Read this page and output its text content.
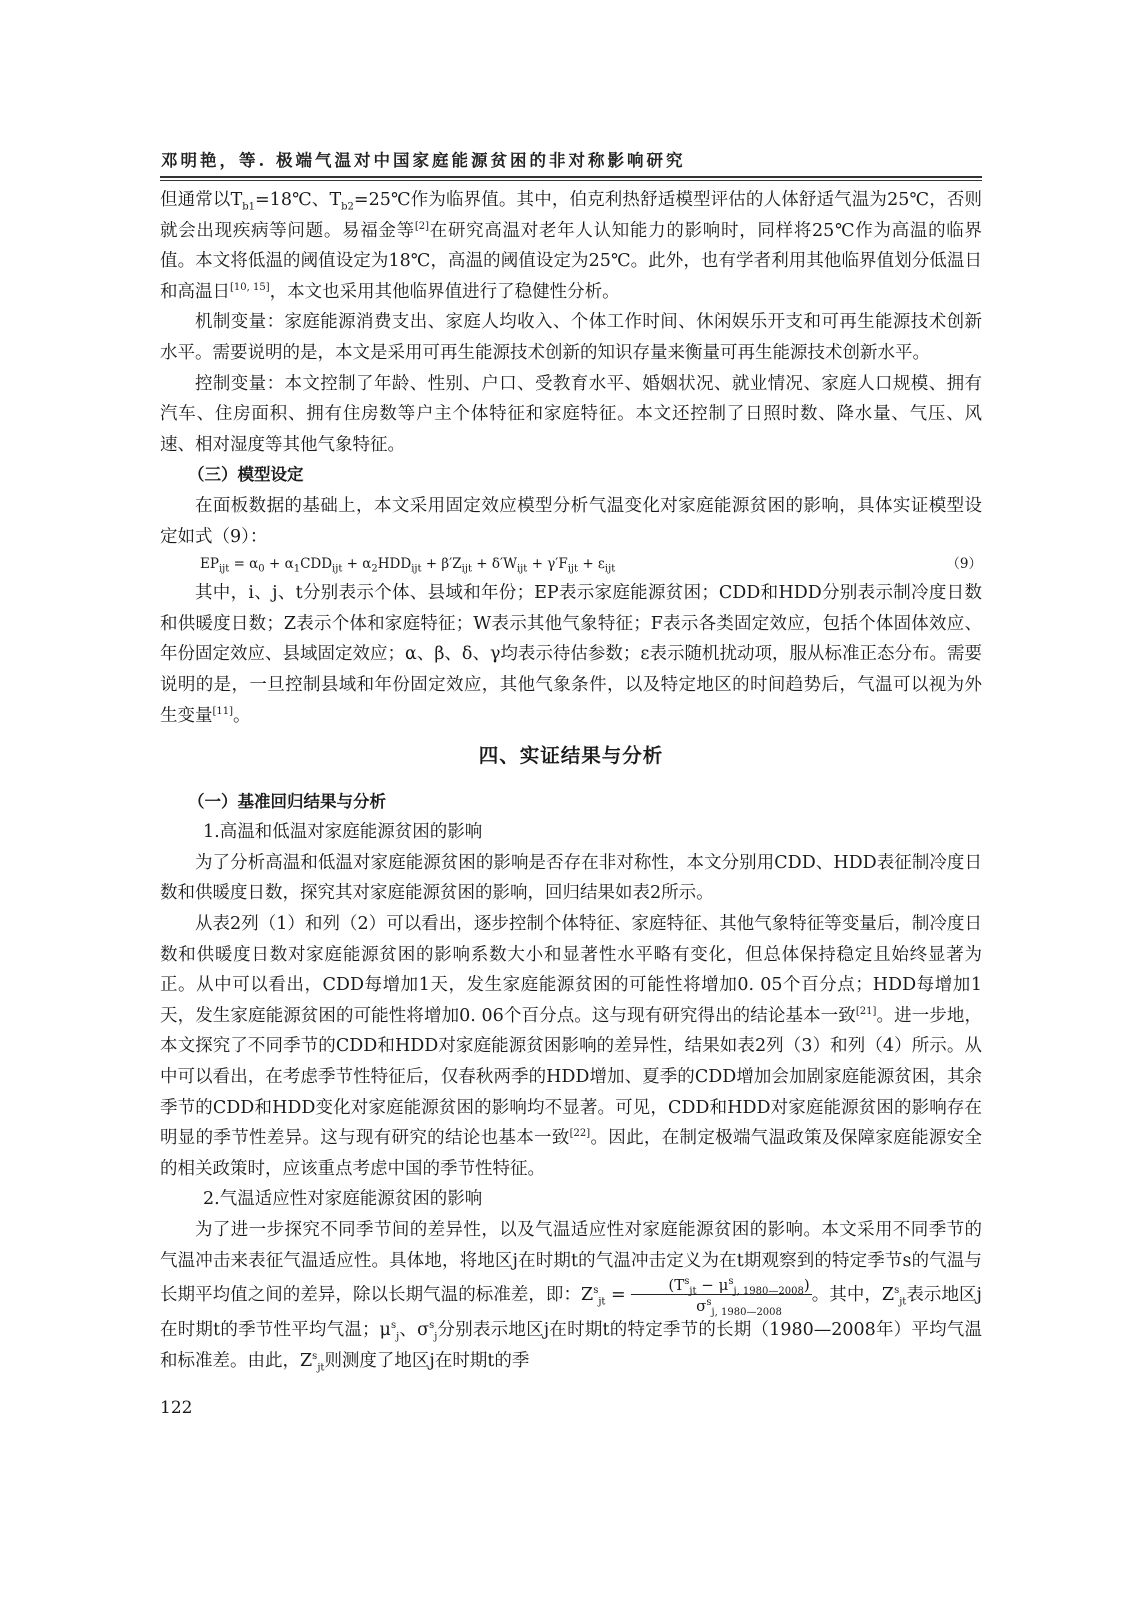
邓明艳，等. 极端气温对中国家庭能源贫困的非对称影响研究

但通常以$T_{b1}=18℃$、$T_{b2}=25℃$作为临界值。其中，伯克利热舒适模型评估的人体舒适气温为25℃，否则就会出现疾病等问题。易福金等[2]在研究高温对老年人认知能力的影响时，同样将25℃作为高温的临界值。本文将低温的阈值设定为18℃，高温的阈值设定为25℃。此外，也有学者利用其他临界值划分低温日和高温日[10, 15]，本文也采用其他临界值进行了稳健性分析。

机制变量：家庭能源消费支出、家庭人均收入、个体工作时间、休闲娱乐开支和可再生能源技术创新水平。需要说明的是，本文是采用可再生能源技术创新的知识存量来衡量可再生能源技术创新水平。

控制变量：本文控制了年龄、性别、户口、受教育水平、婚姻状况、就业情况、家庭人口规模、拥有汽车、住房面积、拥有住房数等户主个体特征和家庭特征。本文还控制了日照时数、降水量、气压、风速、相对湿度等其他气象特征。

（三）模型设定

在面板数据的基础上，本文采用固定效应模型分析气温变化对家庭能源贫困的影响，具体实证模型设定如式（9）：

$EP_{ijt} = \alpha_0 + \alpha_1CDD_{ijt} + \alpha_2HDD_{ijt} + \beta'Z_{ijt} + \delta'W_{ijt} + \gamma'F_{ijt} + \varepsilon_{ijt}$	（9）

其中，i、j、t分别表示个体、县域和年份；EP表示家庭能源贫困；CDD和HDD分别表示制冷度日数和供暖度日数；Z表示个体和家庭特征；W表示其他气象特征；F表示各类固定效应，包括个体固体效应、年份固定效应、县域固定效应；α、β、δ、γ均表示待估参数；ε表示随机扰动项，服从标准正态分布。需要说明的是，一旦控制县域和年份固定效应，其他气象条件，以及特定地区的时间趋势后，气温可以视为外生变量[11]。

四、实证结果与分析

（一）基准回归结果与分析

1.高温和低温对家庭能源贫困的影响

为了分析高温和低温对家庭能源贫困的影响是否存在非对称性，本文分别用CDD、HDD表征制冷度日数和供暖度日数，探究其对家庭能源贫困的影响，回归结果如表2所示。

从表2列（1）和列（2）可以看出，逐步控制个体特征、家庭特征、其他气象特征等变量后，制冷度日数和供暖度日数对家庭能源贫困的影响系数大小和显著性水平略有变化，但总体保持稳定且始终显著为正。从中可以看出，CDD每增加1天，发生家庭能源贫困的可能性将增加0. 05个百分点；HDD每增加1天，发生家庭能源贫困的可能性将增加0. 06个百分点。这与现有研究得出的结论基本一致[21]。进一步地，本文探究了不同季节的CDD和HDD对家庭能源贫困影响的差异性，结果如表2列（3）和列（4）所示。从中可以看出，在考虑季节性特征后，仅春秋两季的HDD增加、夏季的CDD增加会加剧家庭能源贫困，其余季节的CDD和HDD变化对家庭能源贫困的影响均不显著。可见，CDD和HDD对家庭能源贫困的影响存在明显的季节性差异。这与现有研究的结论也基本一致[22]。因此，在制定极端气温政策及保障家庭能源安全的相关政策时，应该重点考虑中国的季节性特征。

2.气温适应性对家庭能源贫困的影响

为了进一步探究不同季节间的差异性，以及气温适应性对家庭能源贫困的影响。本文采用不同季节的气温冲击来表征气温适应性。具体地，将地区j在时期t的气温冲击定义为在t期观察到的特定季节s的气温与长期平均值之间的差异，除以长期气温的标准差，即：$Z^s_{jt} = \frac{(T^s_{jt} - \mu^s_{j, 1980—2008})}{\sigma^s_{j, 1980—2008}}$ 。其中，$Z^s_{jt}$表示地区j在时期t的季节性平均气温；$\mu^s_j$、$\sigma^s_j$分别表示地区j在时期t的特定季节的长期（1980—2008年）平均气温和标准差。由此，$Z^s_{jt}$则测度了地区j在时期t的季

122
